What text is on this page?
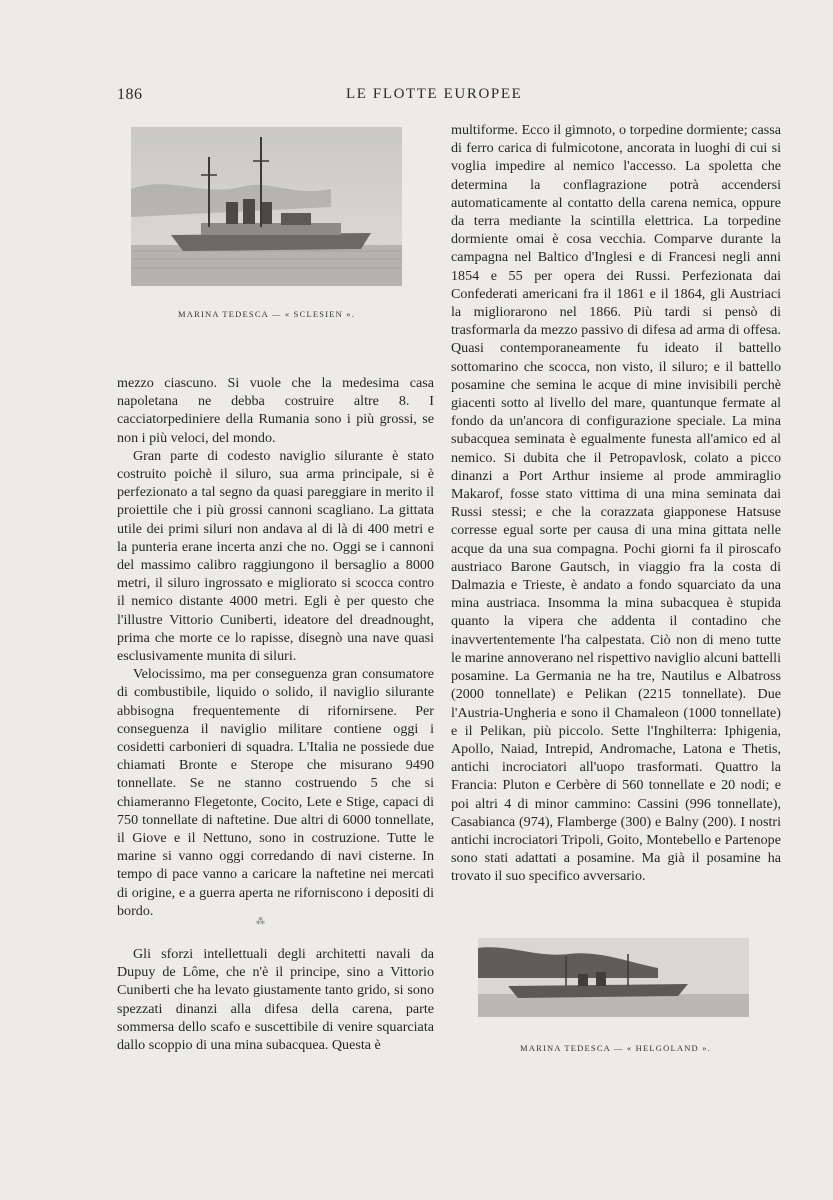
186	LE FLOTTE EUROPEE
MARINA TEDESCA — « SCLESIEN ».

mezzo ciascuno. Si vuole che la medesima casa napoletana ne debba costruire altre 8. I cacciatorpediniere della Rumania sono i più grossi, se non i più veloci, del mondo.

Gran parte di codesto naviglio silurante è stato costruito poichè il siluro, sua arma principale, si è perfezionato a tal segno da quasi pareggiare in merito il proiettile che i più grossi cannoni scagliano. La gittata utile dei primi siluri non andava al di là di 400 metri e la punteria erane incerta anzi che no. Oggi se i cannoni del massimo calibro raggiungono il bersaglio a 8000 metri, il siluro ingrossato e migliorato si scocca contro il nemico distante 4000 metri. Egli è per questo che l'illustre Vittorio Cuniberti, ideatore del dreadnought, prima che morte ce lo rapisse, disegnò una nave quasi esclusivamente munita di siluri.

Velocissimo, ma per conseguenza gran consumatore di combustibile, liquido o solido, il naviglio silurante abbisogna frequentemente di rifornirsene. Per conseguenza il naviglio militare contiene oggi i cosidetti carbonieri di squadra. L'Italia ne possiede due chiamati Bronte e Sterope che misurano 9490 tonnellate. Se ne stanno costruendo 5 che si chiameranno Flegetonte, Cocito, Lete e Stige, capaci di 750 tonnellate di naftetine. Due altri di 6000 tonnellate, il Giove e il Nettuno, sono in costruzione. Tutte le marine si vanno oggi corredando di navi cisterne. In tempo di pace vanno a caricare la naftetine nei mercati di origine, e a guerra aperta ne riforniscono i depositi di bordo.

multiforme. Ecco il gimnoto, o torpedine dormiente; cassa di ferro carica di fulmicotone, ancorata in luoghi di cui si voglia impedire al nemico l'accesso. La spoletta che determina la conflagrazione potrà accendersi automaticamente al contatto della carena nemica, oppure da terra mediante la scintilla elettrica. La torpedine dormiente omai è cosa vecchia. Comparve durante la campagna nel Baltico d'Inglesi e di Francesi negli anni 1854 e 55 per opera dei Russi. Perfezionata dai Confederati americani fra il 1861 e il 1864, gli Austriaci la migliorarono nel 1866. Più tardi si pensò di trasformarla da mezzo passivo di difesa ad arma di offesa. Quasi contemporaneamente fu ideato il battello sottomarino che scocca, non visto, il siluro; e il battello posamine che semina le acque di mine invisibili perchè giacenti sotto al livello del mare, quantunque fermate al fondo da un'ancora di configurazione speciale. La mina subacquea seminata è egualmente funesta all'amico ed al nemico. Si dubita che il Petropavlosk, colato a picco dinanzi a Port Arthur insieme al prode ammiraglio Makarof, fosse stato vittima di una mina seminata dai Russi stessi; e che la corazzata giapponese Hatsuse corresse egual sorte per causa di una mina gittata nelle acque da una sua compagna. Pochi giorni fa il piroscafo austriaco Barone Gautsch, in viaggio fra la costa di Dalmazia e Trieste, è andato a fondo squarciato da una mina austriaca. Insomma la mina subacquea è stupida quanto la vipera che addenta il contadino che inavvertentemente l'ha calpestata. Ciò non di meno tutte le marine annoverano nel rispettivo naviglio alcuni battelli posamine. La Germania ne ha tre, Nautilus e Albatross (2000 tonnellate) e Pelikan (2215 tonnellate). Due l'Austria-Ungheria e sono il Chamaleon (1000 tonnellate) e il Pelikan, più piccolo. Sette l'Inghilterra: Iphigenia, Apollo, Naiad, Intrepid, Andromache, Latona e Thetis, antichi incrociatori all'uopo trasformati. Quattro la Francia: Pluton e Cerbère di 560 tonnellate e 20 nodi; e poi altri 4 di minor cammino: Cassini (996 tonnellate), Casabianca (974), Flamberge (300) e Balny (200). I nostri antichi incrociatori Tripoli, Goito, Montebello e Partenope sono stati adattati a posamine. Ma già il posamine ha trovato il suo specifico avversario.

⁂

Gli sforzi intellettuali degli architetti navali da Dupuy de Lôme, che n'è il principe, sino a Vittorio Cuniberti che ha levato giustamente tanto grido, si sono spezzati dinanzi alla difesa della carena, parte sommersa dello scafo e suscettibile di venire squarciata dallo scoppio di una mina subacquea. Questa è	MARINA TEDESCA — « HELGOLAND ».
